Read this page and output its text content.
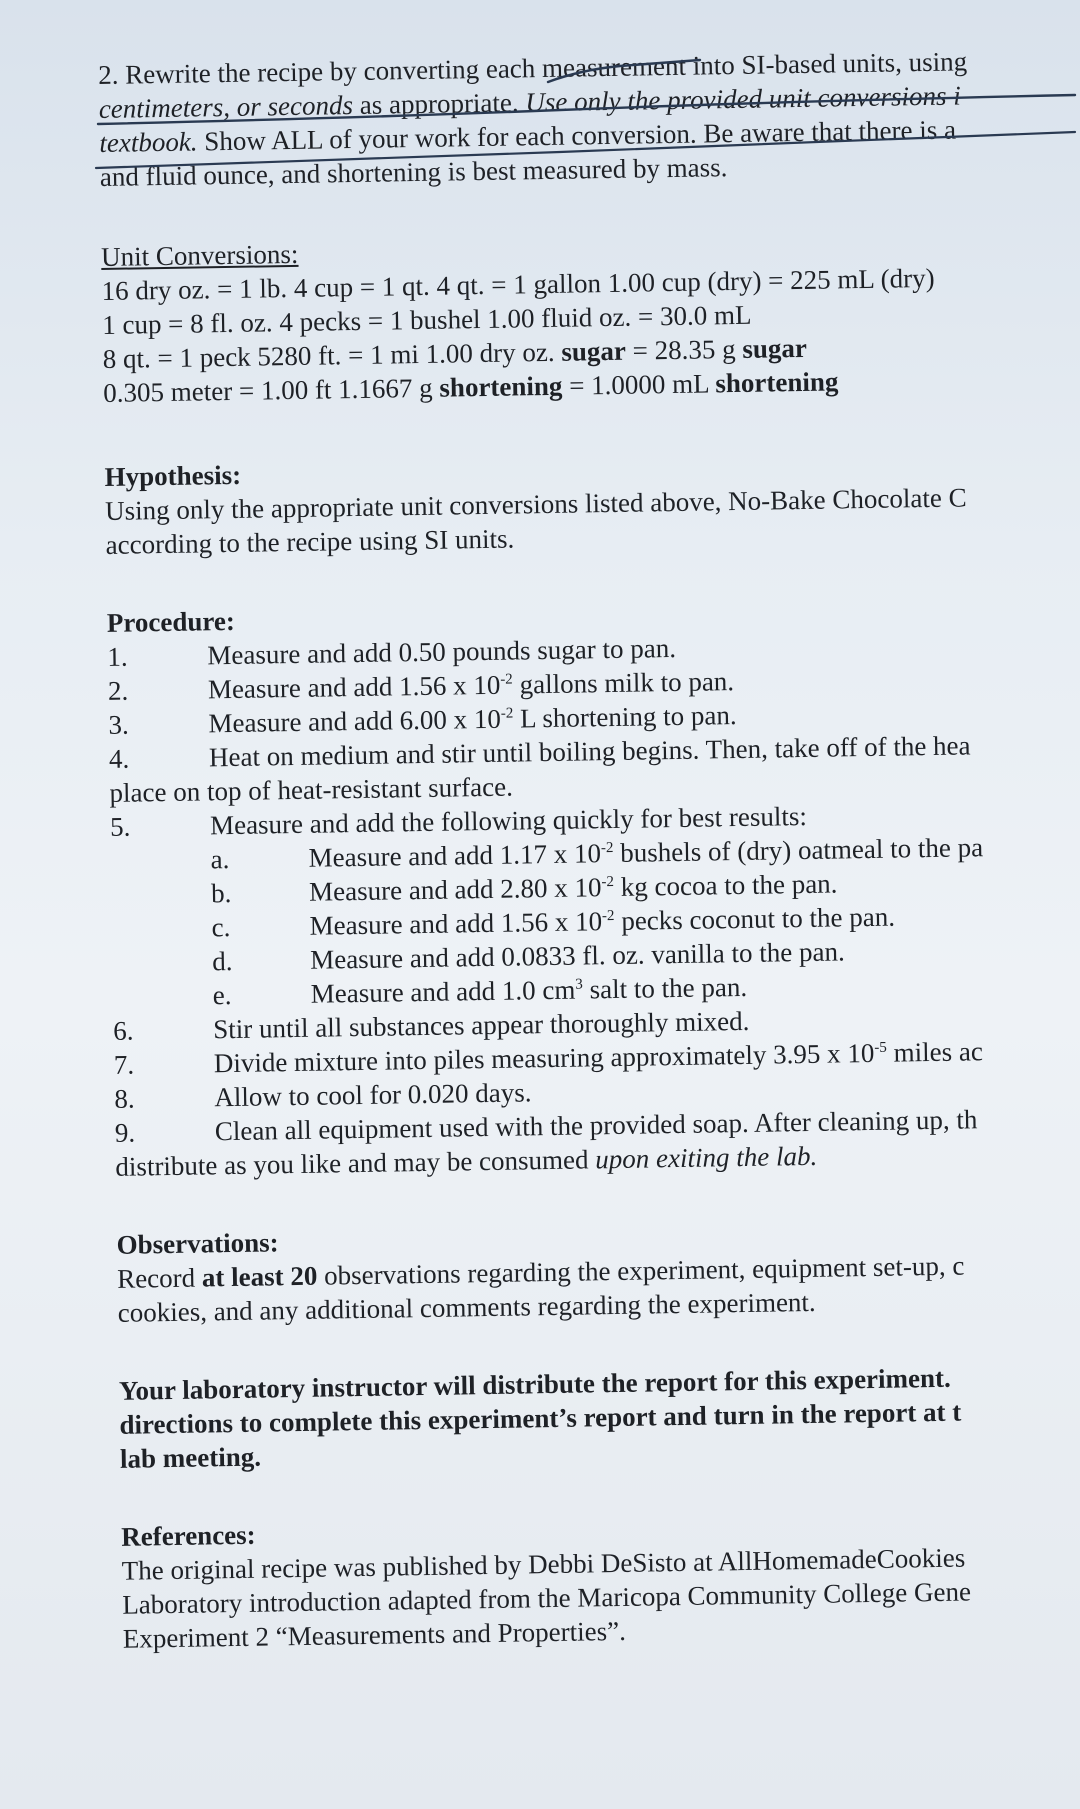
2. Rewrite the recipe by converting each measurement into SI-based units, using
centimeters, or seconds as appropriate. Use only the provided unit conversions i
textbook. Show ALL of your work for each conversion. Be aware that there is a
and fluid ounce, and shortening is best measured by mass.
Unit Conversions:
16 dry oz. = 1 lb. 4 cup = 1 qt. 4 qt. = 1 gallon 1.00 cup (dry) = 225 mL (dry)
1 cup = 8 fl. oz. 4 pecks = 1 bushel 1.00 fluid oz. = 30.0 mL
8 qt. = 1 peck 5280 ft. = 1 mi 1.00 dry oz. sugar = 28.35 g sugar
0.305 meter = 1.00 ft 1.1667 g shortening = 1.0000 mL shortening
Hypothesis:
Using only the appropriate unit conversions listed above, No-Bake Chocolate C
according to the recipe using SI units.
Procedure:
1.	Measure and add 0.50 pounds sugar to pan.
2.	Measure and add 1.56 x $10^{-2}$ gallons milk to pan.
3.	Measure and add 6.00 x $10^{-2}$ L shortening to pan.
4.	Heat on medium and stir until boiling begins. Then, take off of the hea
place on top of heat-resistant surface.
5.	Measure and add the following quickly for best results:
a.	Measure and add 1.17 x $10^{-2}$ bushels of (dry) oatmeal to the pa
b.	Measure and add 2.80 x $10^{-2}$ kg cocoa to the pan.
c.	Measure and add 1.56 x $10^{-2}$ pecks coconut to the pan.
d.	Measure and add 0.0833 fl. oz. vanilla to the pan.
e.	Measure and add 1.0 $cm^3$ salt to the pan.
6.	Stir until all substances appear thoroughly mixed.
7.	Divide mixture into piles measuring approximately 3.95 x $10^{-5}$ miles ac
8.	Allow to cool for 0.020 days.
9.	Clean all equipment used with the provided soap. After cleaning up, th
distribute as you like and may be consumed upon exiting the lab.
Observations:
Record at least 20 observations regarding the experiment, equipment set-up, c
cookies, and any additional comments regarding the experiment.
Your laboratory instructor will distribute the report for this experiment.
directions to complete this experiment’s report and turn in the report at t
lab meeting.
References:
The original recipe was published by Debbi DeSisto at AllHomemadeCookies
Laboratory introduction adapted from the Maricopa Community College Gene
Experiment 2 “Measurements and Properties”.
